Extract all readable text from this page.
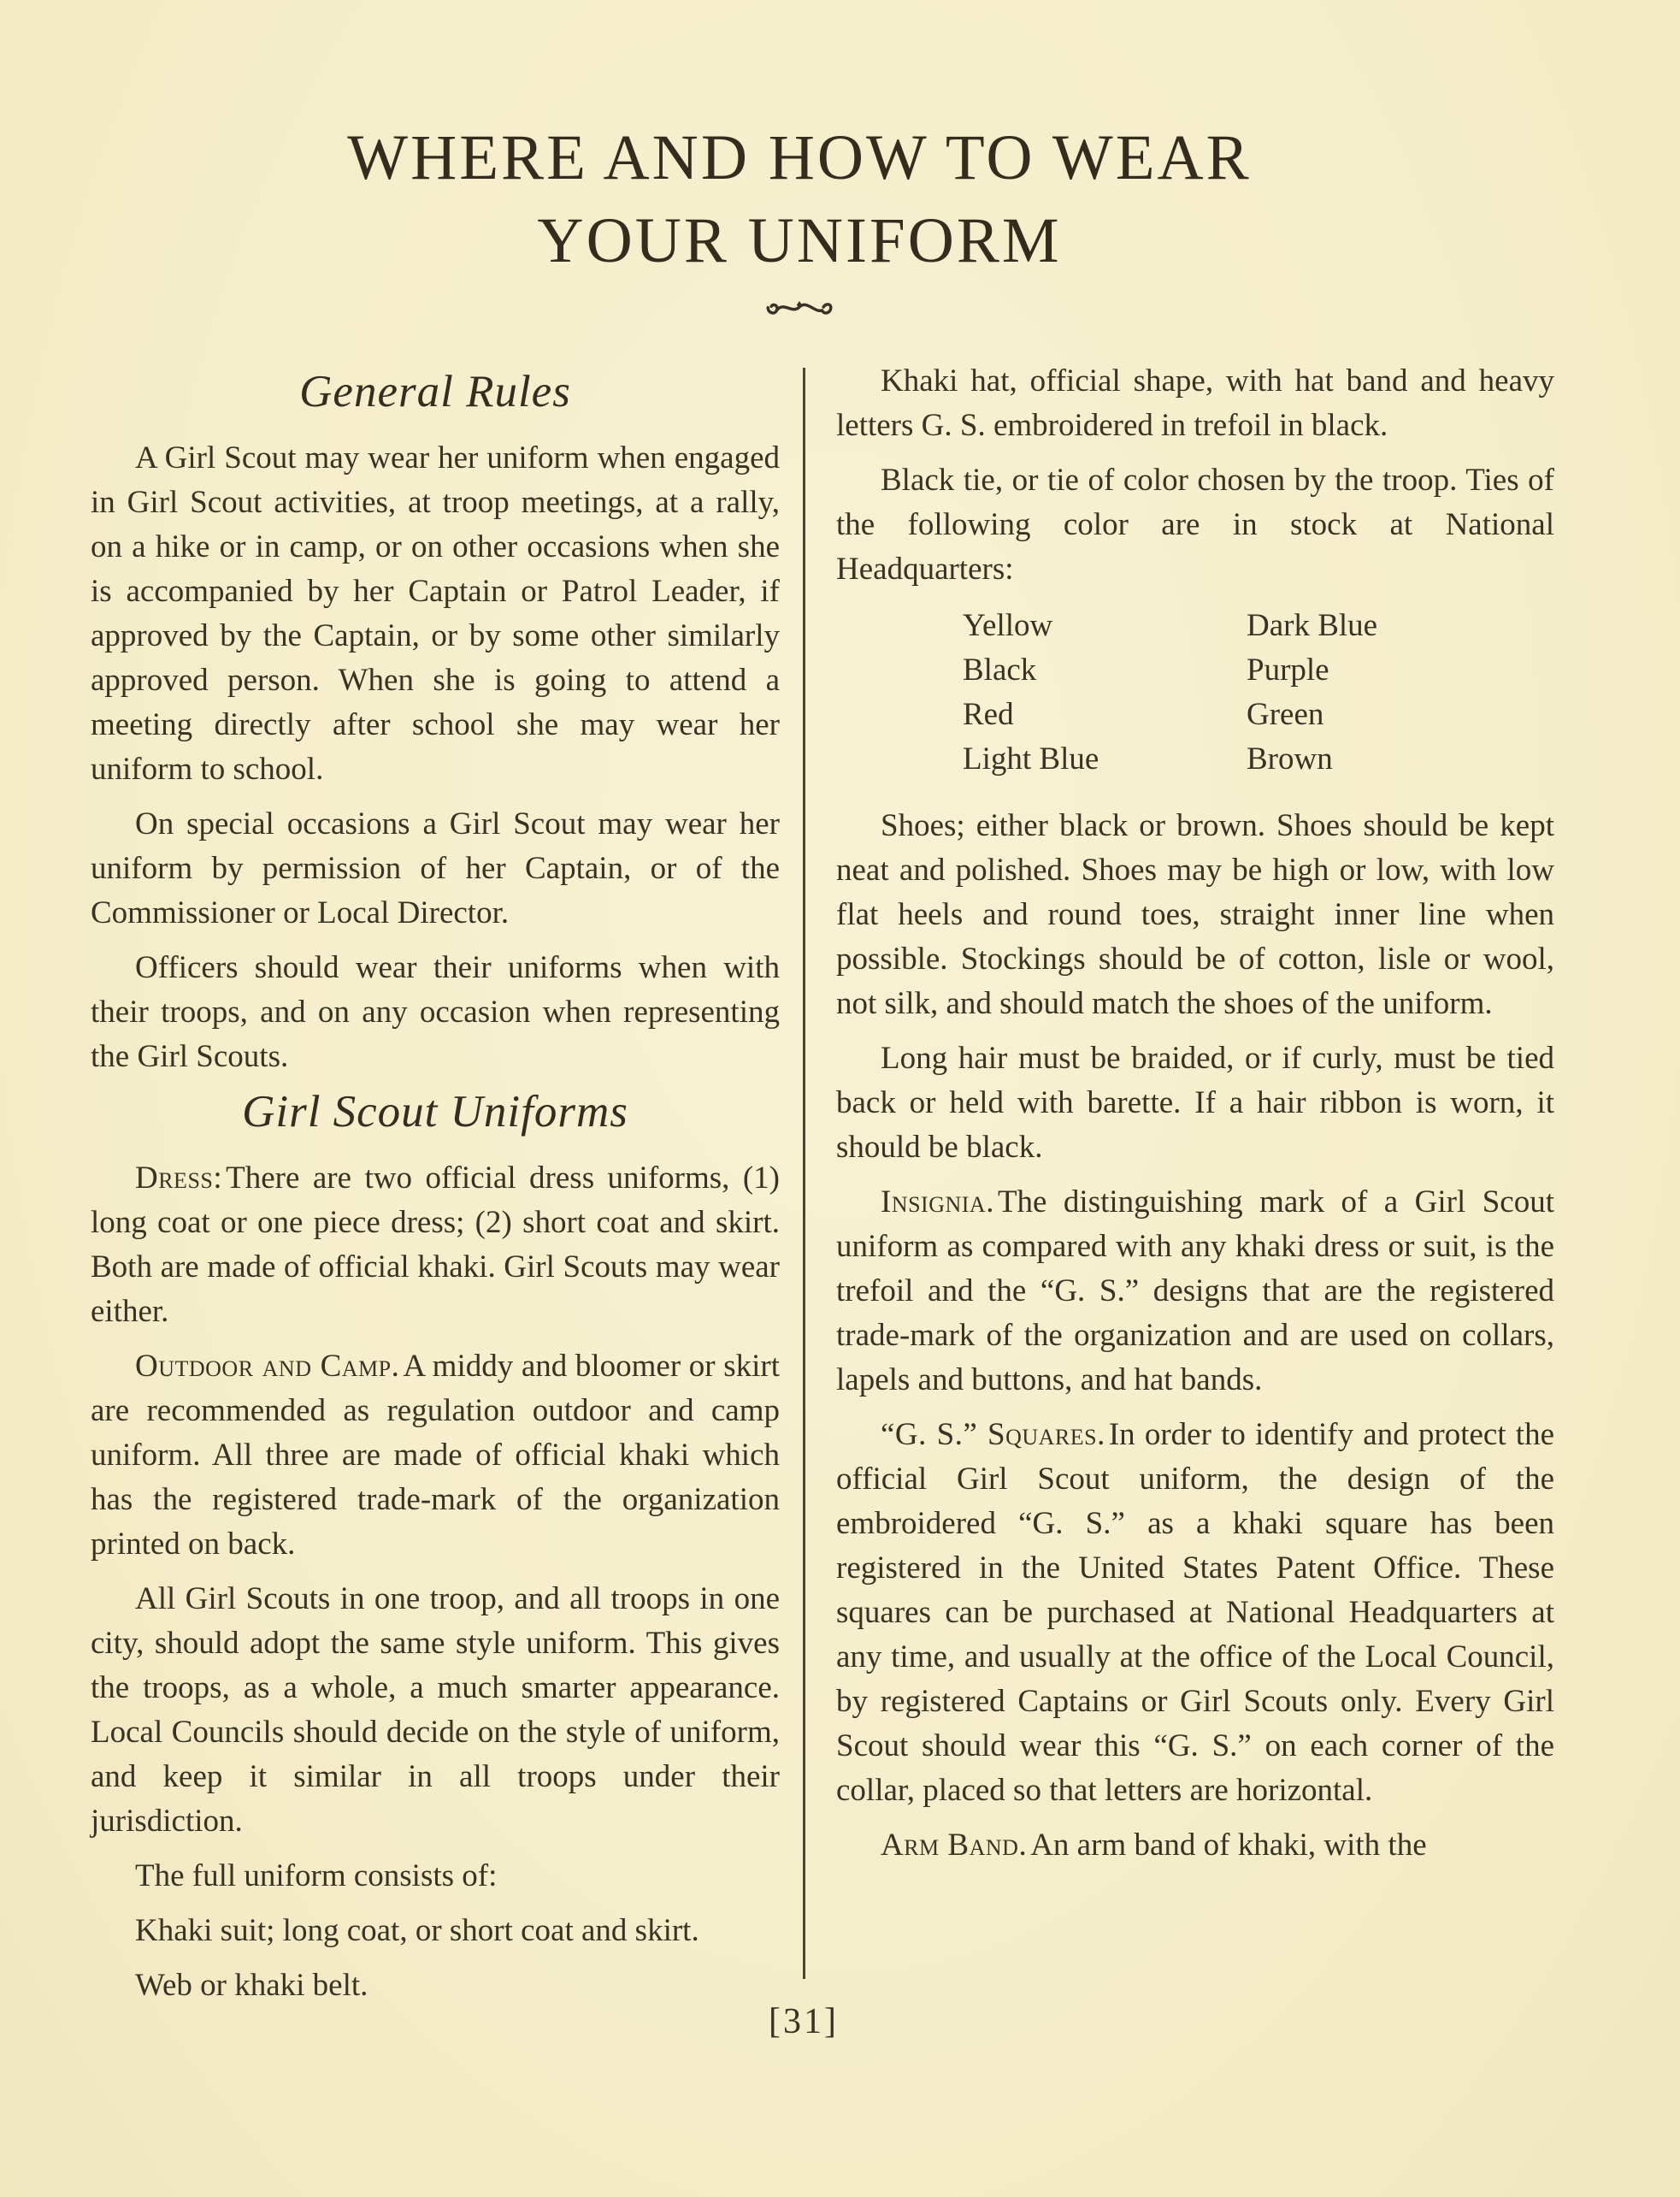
WHERE AND HOW TO WEAR
YOUR UNIFORM
General Rules

A Girl Scout may wear her uniform when engaged in Girl Scout activities, at troop meetings, at a rally, on a hike or in camp, or on other occasions when she is accompanied by her Captain or Patrol Leader, if approved by the Captain, or by some other similarly approved person. When she is going to attend a meeting directly after school she may wear her uniform to school.

On special occasions a Girl Scout may wear her uniform by permission of her Captain, or of the Commissioner or Local Director.

Officers should wear their uniforms when with their troops, and on any occasion when representing the Girl Scouts.

Girl Scout Uniforms

Dress: There are two official dress uniforms, (1) long coat or one piece dress; (2) short coat and skirt. Both are made of official khaki. Girl Scouts may wear either.

Outdoor and Camp. A middy and bloomer or skirt are recommended as regulation outdoor and camp uniform. All three are made of official khaki which has the registered trade-mark of the organization printed on back.

All Girl Scouts in one troop, and all troops in one city, should adopt the same style uniform. This gives the troops, as a whole, a much smarter appearance. Local Councils should decide on the style of uniform, and keep it similar in all troops under their jurisdiction.

The full uniform consists of:

Khaki suit; long coat, or short coat and skirt.

Web or khaki belt.

Khaki hat, official shape, with hat band and heavy letters G. S. embroidered in trefoil in black.

Black tie, or tie of color chosen by the troop. Ties of the following color are in stock at National Headquarters:

Yellow	Dark Blue
Black	Purple
Red	Green
Light Blue	Brown

Shoes; either black or brown. Shoes should be kept neat and polished. Shoes may be high or low, with low flat heels and round toes, straight inner line when possible. Stockings should be of cotton, lisle or wool, not silk, and should match the shoes of the uniform.

Long hair must be braided, or if curly, must be tied back or held with barette. If a hair ribbon is worn, it should be black.

Insignia. The distinguishing mark of a Girl Scout uniform as compared with any khaki dress or suit, is the trefoil and the “G. S.” designs that are the registered trade-mark of the organization and are used on collars, lapels and buttons, and hat bands.

“G. S.” Squares. In order to identify and protect the official Girl Scout uniform, the design of the embroidered “G. S.” as a khaki square has been registered in the United States Patent Office. These squares can be purchased at National Headquarters at any time, and usually at the office of the Local Council, by registered Captains or Girl Scouts only. Every Girl Scout should wear this “G. S.” on each corner of the collar, placed so that letters are horizontal.

Arm Band. An arm band of khaki, with the

[31]
